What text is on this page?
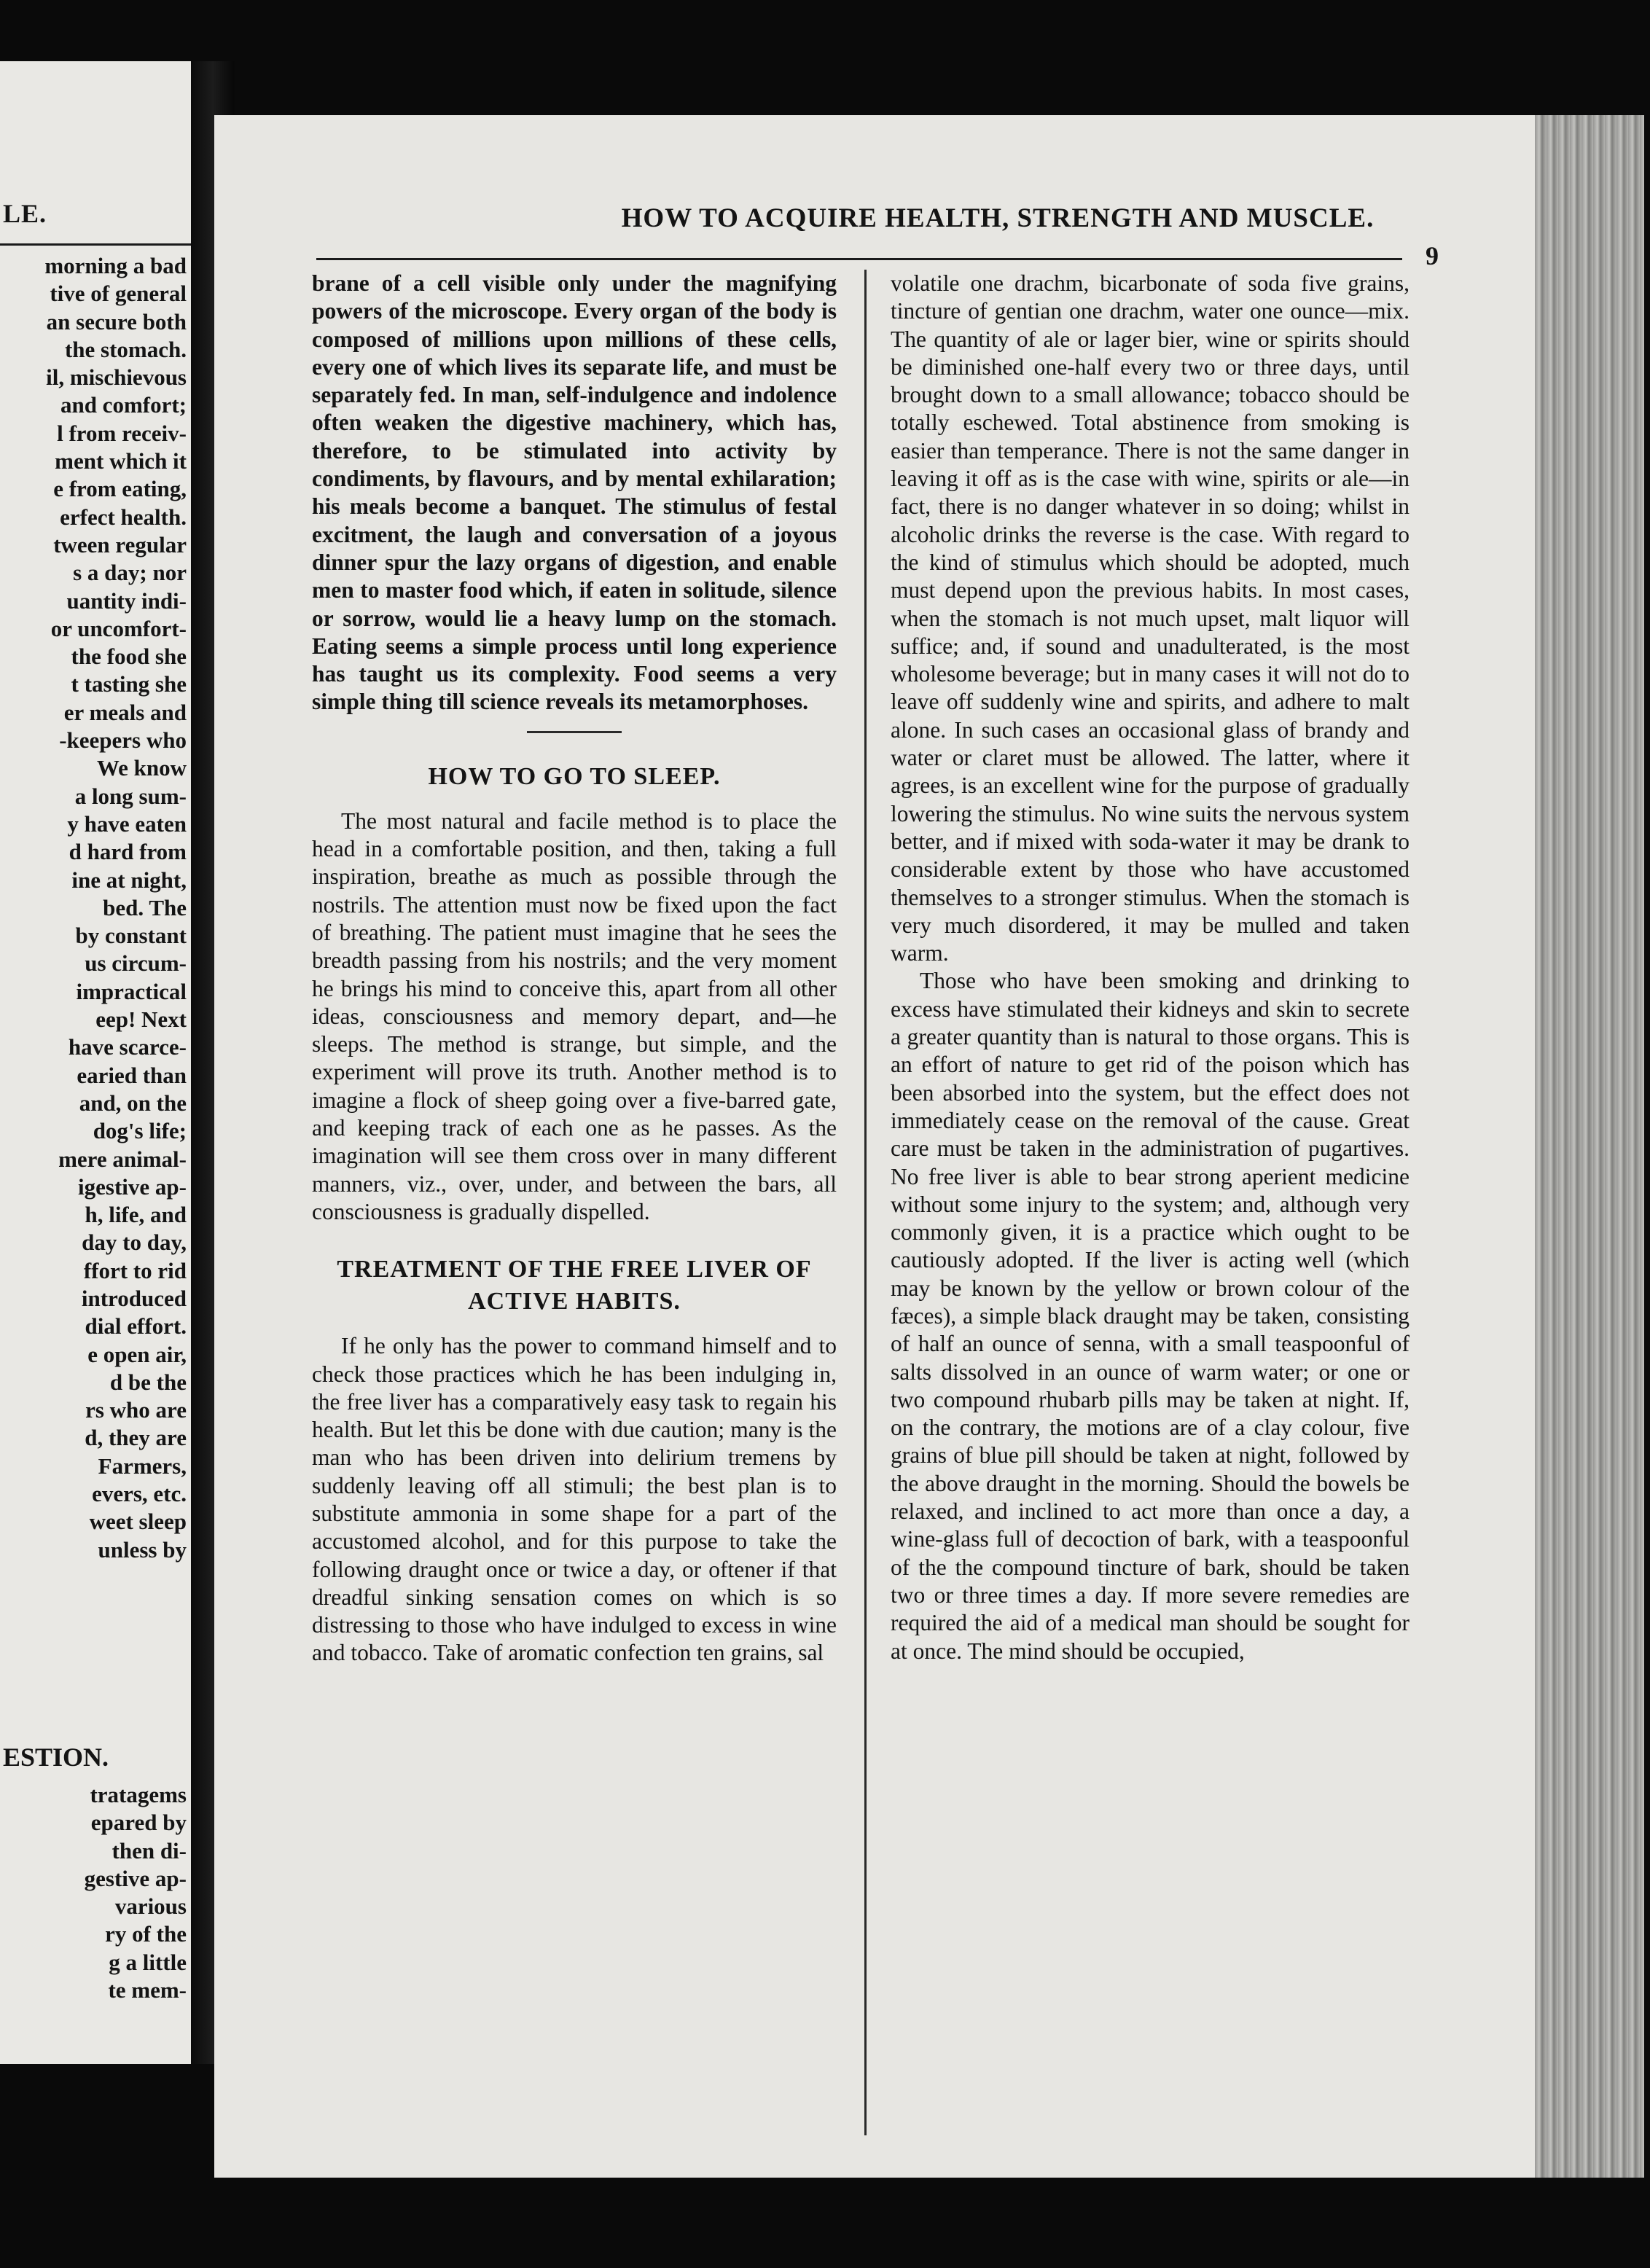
LE.
morning a bad
tive of general
an secure both
the stomach.
il, mischievous
and comfort;
l from receiv-
ment which it
e from eating,
erfect health.
tween regular
s a day; nor
uantity indi-
or uncomfort-
the food she
t tasting she
er meals and
-keepers who
We know
a long sum-
y have eaten
d hard from
ine at night,
bed. The
by constant
us circum-
impractical
eep! Next
have scarce-
earied than
and, on the
dog's life;
mere animal-
igestive ap-
h, life, and
day to day,
ffort to rid
introduced
dial effort.
e open air,
d be the
rs who are
d, they are
Farmers,
evers, etc.
weet sleep
unless by
ESTION.
tratagems
epared by
then di-
gestive ap-
various
ry of the
g a little
te mem-
HOW TO ACQUIRE HEALTH, STRENGTH AND MUSCLE.
9

brane of a cell visible only under the magnifying powers of the microscope. Every organ of the body is composed of millions upon millions of these cells, every one of which lives its separate life, and must be separately fed. In man, self-indulgence and indolence often weaken the digestive machinery, which has, therefore, to be stimulated into activity by condiments, by flavours, and by mental exhilaration; his meals become a banquet. The stimulus of festal excitment, the laugh and conversation of a joyous dinner spur the lazy organs of digestion, and enable men to master food which, if eaten in solitude, silence or sorrow, would lie a heavy lump on the stomach. Eating seems a simple process until long experience has taught us its complexity. Food seems a very simple thing till science reveals its metamorphoses.

HOW TO GO TO SLEEP.

The most natural and facile method is to place the head in a comfortable position, and then, taking a full inspiration, breathe as much as possible through the nostrils. The attention must now be fixed upon the fact of breathing. The patient must imagine that he sees the breadth passing from his nostrils; and the very moment he brings his mind to conceive this, apart from all other ideas, consciousness and memory depart, and—he sleeps. The method is strange, but simple, and the experiment will prove its truth. Another method is to imagine a flock of sheep going over a five-barred gate, and keeping track of each one as he passes. As the imagination will see them cross over in many different manners, viz., over, under, and between the bars, all consciousness is gradually dispelled.

TREATMENT OF THE FREE LIVER OF ACTIVE HABITS.

If he only has the power to command himself and to check those practices which he has been indulging in, the free liver has a comparatively easy task to regain his health. But let this be done with due caution; many is the man who has been driven into delirium tremens by suddenly leaving off all stimuli; the best plan is to substitute ammonia in some shape for a part of the accustomed alcohol, and for this purpose to take the following draught once or twice a day, or oftener if that dreadful sinking sensation comes on which is so distressing to those who have indulged to excess in wine and tobacco. Take of aromatic confection ten grains, sal

volatile one drachm, bicarbonate of soda five grains, tincture of gentian one drachm, water one ounce—mix. The quantity of ale or lager bier, wine or spirits should be diminished one-half every two or three days, until brought down to a small allowance; tobacco should be totally eschewed. Total abstinence from smoking is easier than temperance. There is not the same danger in leaving it off as is the case with wine, spirits or ale—in fact, there is no danger whatever in so doing; whilst in alcoholic drinks the reverse is the case. With regard to the kind of stimulus which should be adopted, much must depend upon the previous habits. In most cases, when the stomach is not much upset, malt liquor will suffice; and, if sound and unadulterated, is the most wholesome beverage; but in many cases it will not do to leave off suddenly wine and spirits, and adhere to malt alone. In such cases an occasional glass of brandy and water or claret must be allowed. The latter, where it agrees, is an excellent wine for the purpose of gradually lowering the stimulus. No wine suits the nervous system better, and if mixed with soda-water it may be drank to considerable extent by those who have accustomed themselves to a stronger stimulus. When the stomach is very much disordered, it may be mulled and taken warm.

Those who have been smoking and drinking to excess have stimulated their kidneys and skin to secrete a greater quantity than is natural to those organs. This is an effort of nature to get rid of the poison which has been absorbed into the system, but the effect does not immediately cease on the removal of the cause. Great care must be taken in the administration of pugartives. No free liver is able to bear strong aperient medicine without some injury to the system; and, although very commonly given, it is a practice which ought to be cautiously adopted. If the liver is acting well (which may be known by the yellow or brown colour of the fæces), a simple black draught may be taken, consisting of half an ounce of senna, with a small teaspoonful of salts dissolved in an ounce of warm water; or one or two compound rhubarb pills may be taken at night. If, on the contrary, the motions are of a clay colour, five grains of blue pill should be taken at night, followed by the above draught in the morning. Should the bowels be relaxed, and inclined to act more than once a day, a wine-glass full of decoction of bark, with a teaspoonful of the the compound tincture of bark, should be taken two or three times a day. If more severe remedies are required the aid of a medical man should be sought for at once. The mind should be occupied,
